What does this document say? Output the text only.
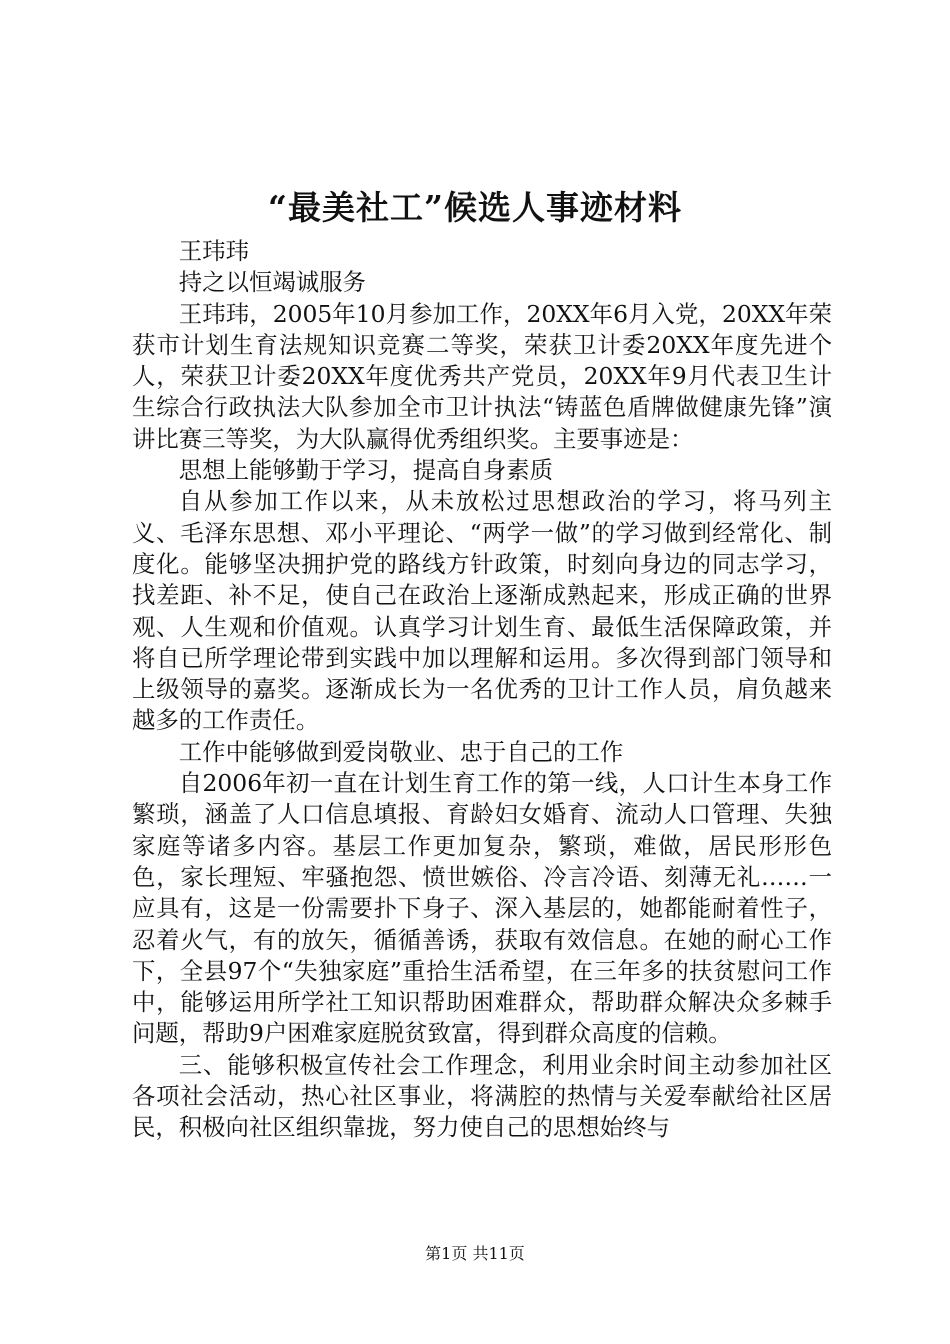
“最美社工”候选人事迹材料

王玮玮

持之以恒竭诚服务

王玮玮，2005年10月参加工作，20XX年6月入党，20XX年荣获市计划生育法规知识竞赛二等奖，荣获卫计委20XX年度先进个人，荣获卫计委20XX年度优秀共产党员，20XX年9月代表卫生计生综合行政执法大队参加全市卫计执法“铸蓝色盾牌做健康先锋”演讲比赛三等奖，为大队赢得优秀组织奖。主要事迹是：

思想上能够勤于学习，提高自身素质

自从参加工作以来，从未放松过思想政治的学习，将马列主义、毛泽东思想、邓小平理论、“两学一做”的学习做到经常化、制度化。能够坚决拥护党的路线方针政策，时刻向身边的同志学习，找差距、补不足，使自己在政治上逐渐成熟起来，形成正确的世界观、人生观和价值观。认真学习计划生育、最低生活保障政策，并将自已所学理论带到实践中加以理解和运用。多次得到部门领导和上级领导的嘉奖。逐渐成长为一名优秀的卫计工作人员，肩负越来越多的工作责任。

工作中能够做到爱岗敬业、忠于自己的工作

自2006年初一直在计划生育工作的第一线，人口计生本身工作繁琐，涵盖了人口信息填报、育龄妇女婚育、流动人口管理、失独家庭等诸多内容。基层工作更加复杂，繁琐，难做，居民形形色色，家长理短、牢骚抱怨、愤世嫉俗、冷言冷语、刻薄无礼……一应具有，这是一份需要扑下身子、深入基层的，她都能耐着性子，忍着火气，有的放矢，循循善诱，获取有效信息。在她的耐心工作下，全县97个“失独家庭”重拾生活希望，在三年多的扶贫慰问工作中，能够运用所学社工知识帮助困难群众，帮助群众解决众多棘手问题，帮助9户困难家庭脱贫致富，得到群众高度的信赖。

三、能够积极宣传社会工作理念，利用业余时间主动参加社区各项社会活动，热心社区事业，将满腔的热情与关爱奉献给社区居民，积极向社区组织靠拢，努力使自己的思想始终与

第1页 共11页
